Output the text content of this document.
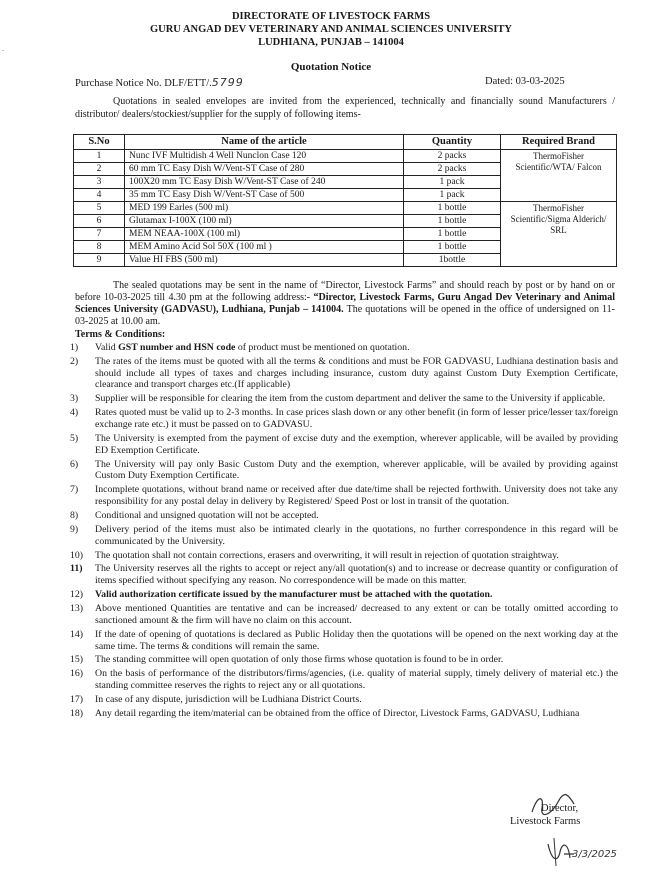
DIRECTORATE OF LIVESTOCK FARMS
GURU ANGAD DEV VETERINARY AND ANIMAL SCIENCES UNIVERSITY
LUDHIANA, PUNJAB – 141004
Quotation Notice
Purchase Notice No. DLF/ETT/.5799	Dated: 03-03-2025
Quotations in sealed envelopes are invited from the experienced, technically and financially sound Manufacturers / distributor/ dealers/stockiest/supplier for the supply of following items-
S.No	Name of the article	Quantity	Required Brand
1	Nunc IVF Multidish 4 Well Nunclon Case 120	2 packs	ThermoFisher Scientific/WTA/ Falcon
2	60 mm TC Easy Dish W/Vent-ST Case of 280	2 packs	
3	100X20 mm TC Easy Dish W/Vent-ST Case of 240	1 pack	
4	35 mm TC Easy Dish W/Vent-ST Case of 500	1 pack	
5	MED 199 Earles (500 ml)	1 bottle	ThermoFisher Scientific/Sigma Alderich/ SRL
6	Glutamax I-100X (100 ml)	1 bottle	
7	MEM NEAA-100X (100 ml)	1 bottle	
8	MEM Amino Acid Sol 50X (100 ml )	1 bottle	
9	Value HI FBS (500 ml)	1bottle	
The sealed quotations may be sent in the name of “Director, Livestock Farms” and should reach by post or by hand on or before 10-03-2025 till 4.30 pm at the following address:- “Director, Livestock Farms, Guru Angad Dev Veterinary and Animal Sciences University (GADVASU), Ludhiana, Punjab – 141004. The quotations will be opened in the office of undersigned on 11-03-2025 at 10.00 am.
Terms & Conditions:
1)	Valid GST number and HSN code of product must be mentioned on quotation.
2)	The rates of the items must be quoted with all the terms & conditions and must be FOR GADVASU, Ludhiana destination basis and should include all types of taxes and charges including insurance, custom duty against Custom Duty Exemption Certificate, clearance and transport charges etc.(If applicable)
3)	Supplier will be responsible for clearing the item from the custom department and deliver the same to the University if applicable.
4)	Rates quoted must be valid up to 2-3 months. In case prices slash down or any other benefit (in form of lesser price/lesser tax/foreign exchange rate etc.) it must be passed on to GADVASU.
5)	The University is exempted from the payment of excise duty and the exemption, wherever applicable, will be availed by providing ED Exemption Certificate.
6)	The University will pay only Basic Custom Duty and the exemption, wherever applicable, will be availed by providing against Custom Duty Exemption Certificate.
7)	Incomplete quotations, without brand name or received after due date/time shall be rejected forthwith. University does not take any responsibility for any postal delay in delivery by Registered/ Speed Post or lost in transit of the quotation.
8)	Conditional and unsigned quotation will not be accepted.
9)	Delivery period of the items must also be intimated clearly in the quotations, no further correspondence in this regard will be communicated by the University.
10)	The quotation shall not contain corrections, erasers and overwriting, it will result in rejection of quotation straightway.
11)	The University reserves all the rights to accept or reject any/all quotation(s) and to increase or decrease quantity or configuration of items specified without specifying any reason. No correspondence will be made on this matter.
12)	Valid authorization certificate issued by the manufacturer must be attached with the quotation.
13)	Above mentioned Quantities are tentative and can be increased/ decreased to any extent or can be totally omitted according to sanctioned amount & the firm will have no claim on this account.
14)	If the date of opening of quotations is declared as Public Holiday then the quotations will be opened on the next working day at the same time. The terms & conditions will remain the same.
15)	The standing committee will open quotation of only those firms whose quotation is found to be in order.
16)	On the basis of performance of the distributors/firms/agencies, (i.e. quality of material supply, timely delivery of material etc.) the standing committee reserves the rights to reject any or all quotations.
17)	In case of any dispute, jurisdiction will be Ludhiana District Courts.
18)	Any detail regarding the item/material can be obtained from the office of Director, Livestock Farms, GADVASU, Ludhiana
Director,
Livestock Farms
3/3/2025
.
